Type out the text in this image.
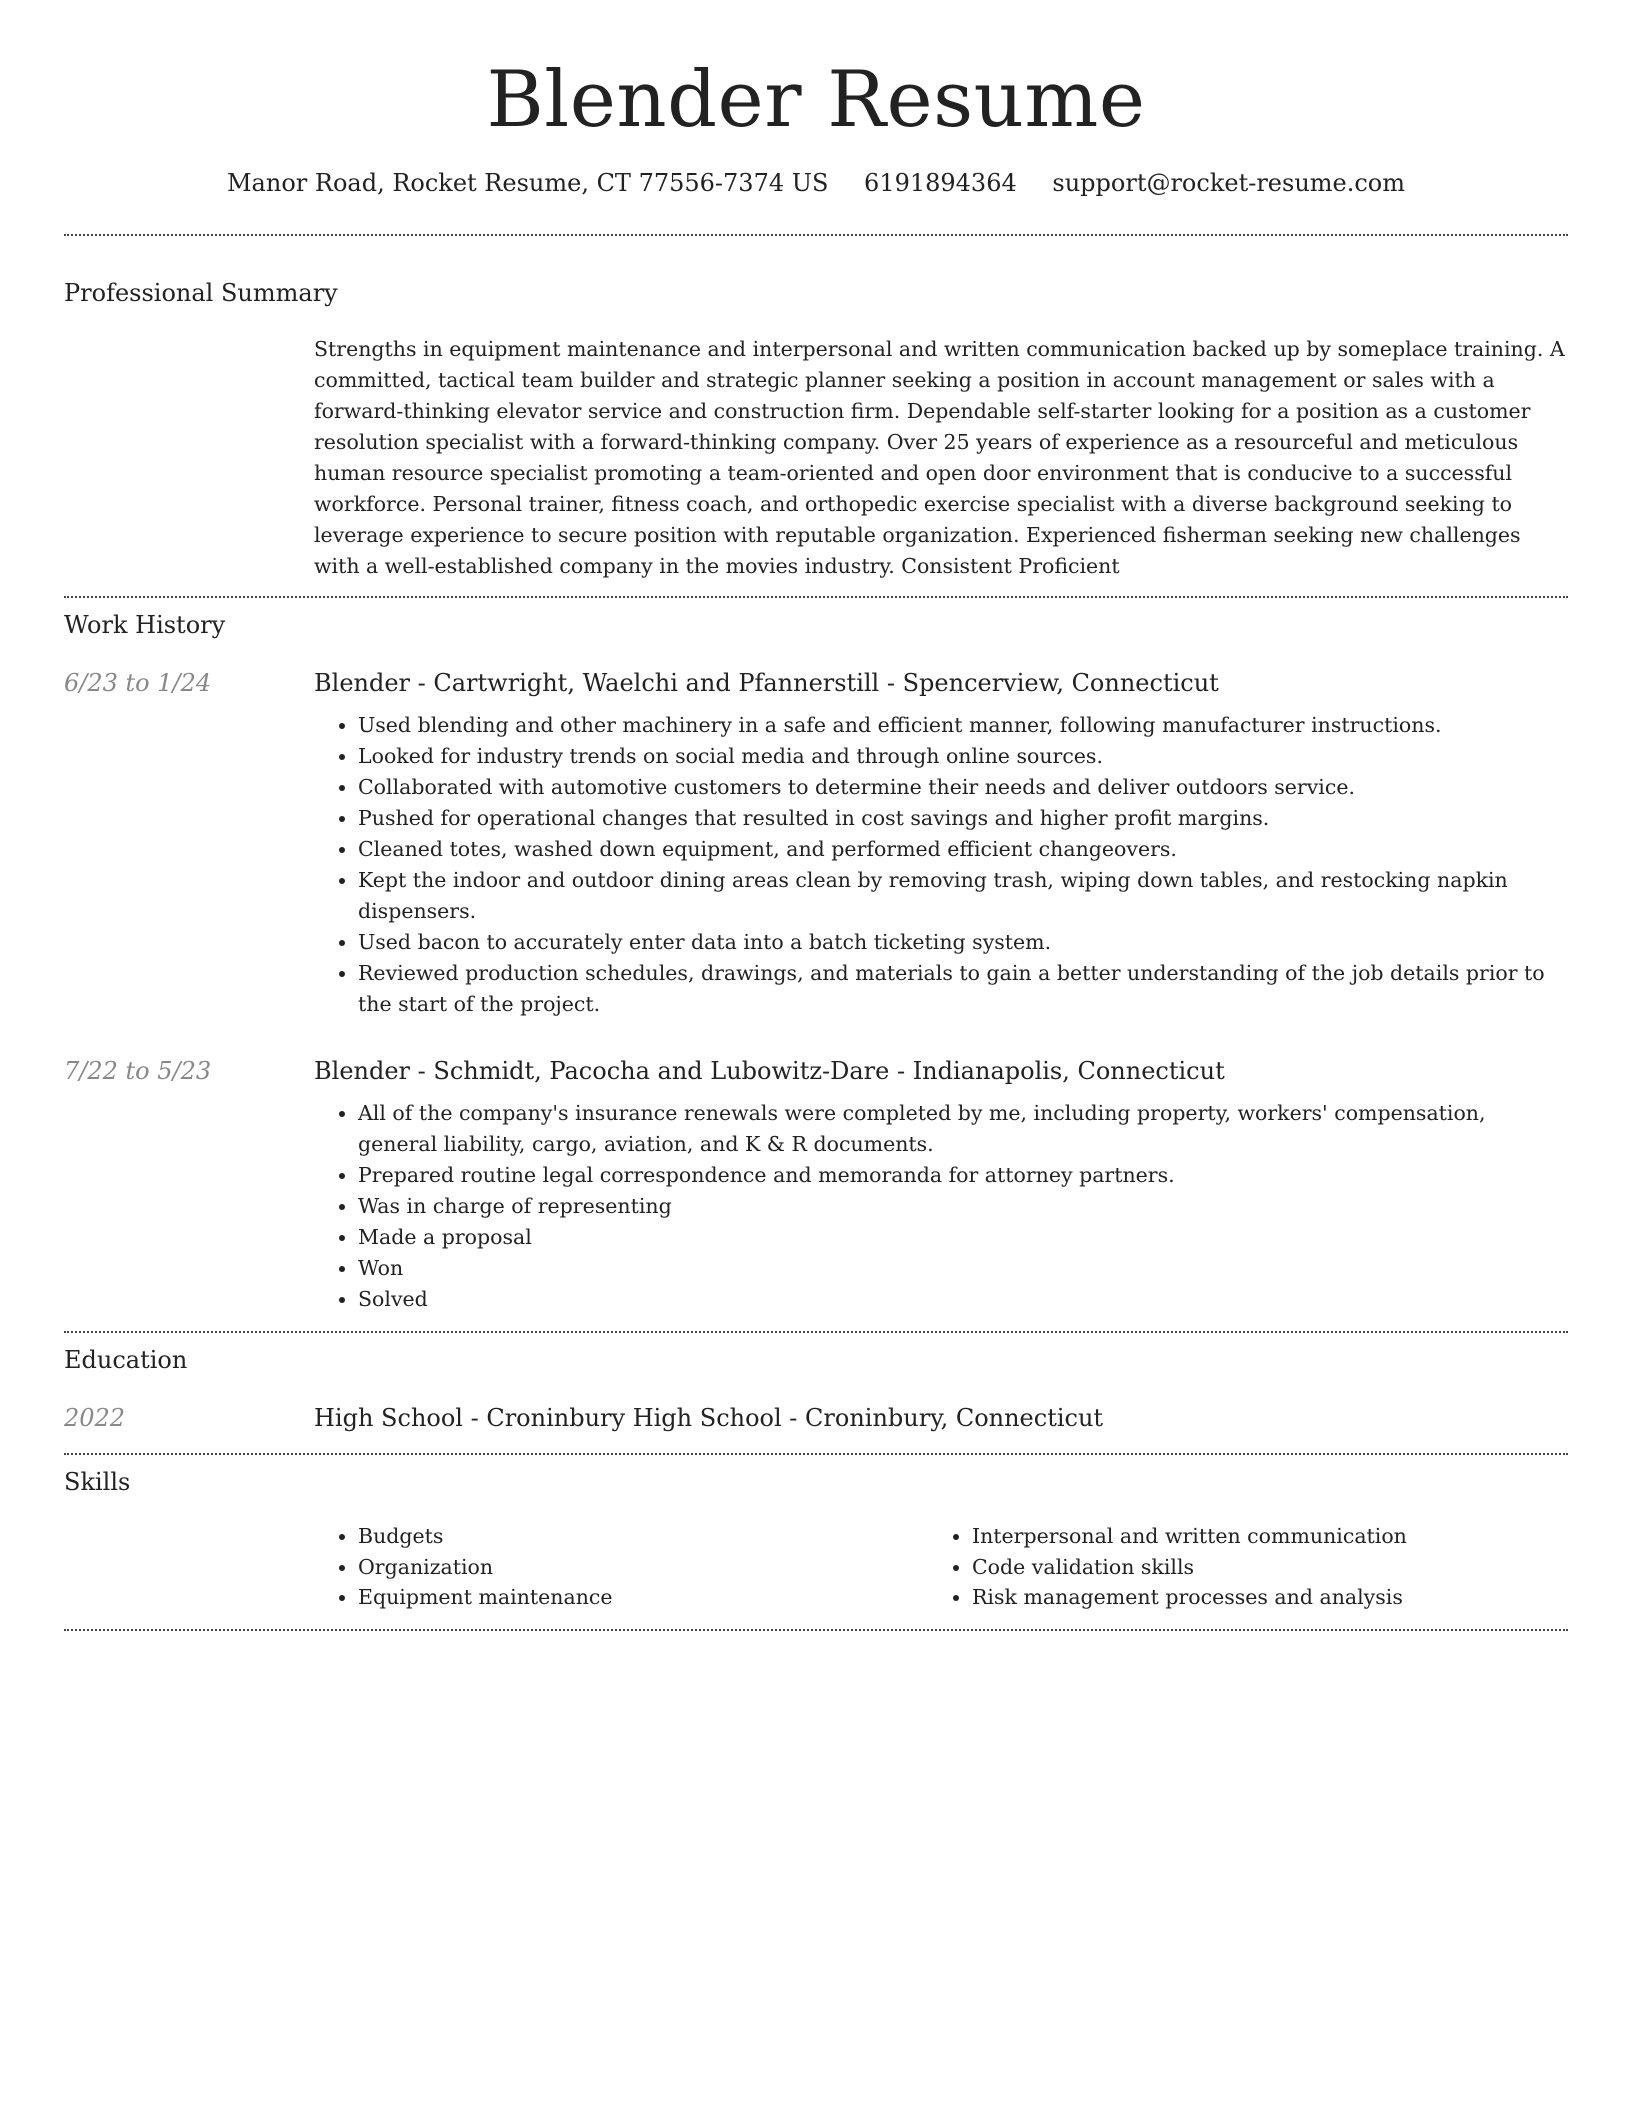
Blender Resume
Manor Road, Rocket Resume, CT 77556-7374 US 6191894364 support@rocket-resume.com
Professional Summary

Strengths in equipment maintenance and interpersonal and written communication backed up by someplace training. A committed, tactical team builder and strategic planner seeking a position in account management or sales with a forward-thinking elevator service and construction firm. Dependable self-starter looking for a position as a customer resolution specialist with a forward-thinking company. Over 25 years of experience as a resourceful and meticulous human resource specialist promoting a team-oriented and open door environment that is conducive to a successful workforce. Personal trainer, fitness coach, and orthopedic exercise specialist with a diverse background seeking to leverage experience to secure position with reputable organization. Experienced fisherman seeking new challenges with a well-established company in the movies industry. Consistent Proficient

Work History
6/23 to 1/24	Blender - Cartwright, Waelchi and Pfannerstill - Spencerview, Connecticut
• Used blending and other machinery in a safe and efficient manner, following manufacturer instructions.
• Looked for industry trends on social media and through online sources.
• Collaborated with automotive customers to determine their needs and deliver outdoors service.
• Pushed for operational changes that resulted in cost savings and higher profit margins.
• Cleaned totes, washed down equipment, and performed efficient changeovers.
• Kept the indoor and outdoor dining areas clean by removing trash, wiping down tables, and restocking napkin dispensers.
• Used bacon to accurately enter data into a batch ticketing system.
• Reviewed production schedules, drawings, and materials to gain a better understanding of the job details prior to the start of the project.
7/22 to 5/23	Blender - Schmidt, Pacocha and Lubowitz-Dare - Indianapolis, Connecticut
• All of the company's insurance renewals were completed by me, including property, workers' compensation, general liability, cargo, aviation, and K & R documents.
• Prepared routine legal correspondence and memoranda for attorney partners.
• Was in charge of representing
• Made a proposal
• Won
• Solved
Education
2022	High School - Croninbury High School - Croninbury, Connecticut
Skills
• Budgets
• Organization
• Equipment maintenance
• Interpersonal and written communication
• Code validation skills
• Risk management processes and analysis
